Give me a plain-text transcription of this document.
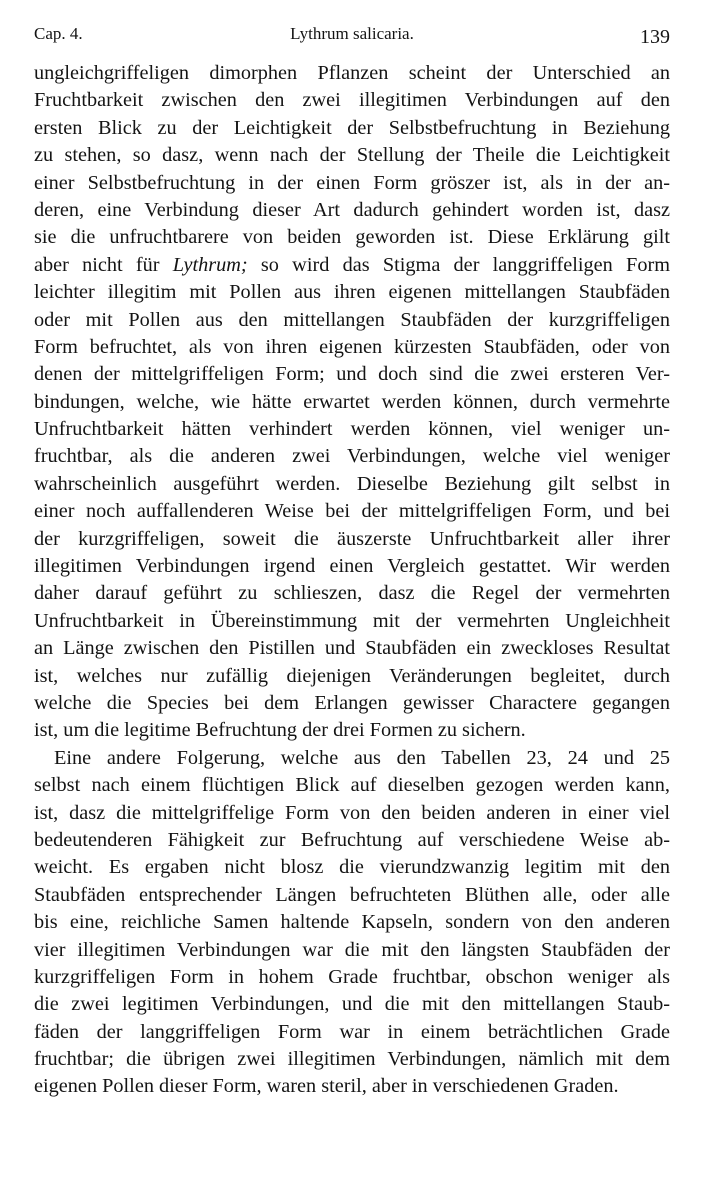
Cap. 4.	Lythrum salicaria.	139
ungleichgriffeligen dimorphen Pflanzen scheint der Unterschied an
Fruchtbarkeit zwischen den zwei illegitimen Verbindungen auf den
ersten Blick zu der Leichtigkeit der Selbstbefruchtung in Beziehung
zu stehen, so dasz, wenn nach der Stellung der Theile die Leichtigkeit
einer Selbstbefruchtung in der einen Form gröszer ist, als in der an-
deren, eine Verbindung dieser Art dadurch gehindert worden ist, dasz
sie die unfruchtbarere von beiden geworden ist. Diese Erklärung gilt
aber nicht für Lythrum; so wird das Stigma der langgriffeligen Form
leichter illegitim mit Pollen aus ihren eigenen mittellangen Staubfäden
oder mit Pollen aus den mittellangen Staubfäden der kurzgriffeligen
Form befruchtet, als von ihren eigenen kürzesten Staubfäden, oder von
denen der mittelgriffeligen Form; und doch sind die zwei ersteren Ver-
bindungen, welche, wie hätte erwartet werden können, durch vermehrte
Unfruchtbarkeit hätten verhindert werden können, viel weniger un-
fruchtbar, als die anderen zwei Verbindungen, welche viel weniger
wahrscheinlich ausgeführt werden. Dieselbe Beziehung gilt selbst in
einer noch auffallenderen Weise bei der mittelgriffeligen Form, und bei
der kurzgriffeligen, soweit die äuszerste Unfruchtbarkeit aller ihrer
illegitimen Verbindungen irgend einen Vergleich gestattet. Wir werden
daher darauf geführt zu schlieszen, dasz die Regel der vermehrten
Unfruchtbarkeit in Übereinstimmung mit der vermehrten Ungleichheit
an Länge zwischen den Pistillen und Staubfäden ein zweckloses Resultat
ist, welches nur zufällig diejenigen Veränderungen begleitet, durch
welche die Species bei dem Erlangen gewisser Charactere gegangen
ist, um die legitime Befruchtung der drei Formen zu sichern.
Eine andere Folgerung, welche aus den Tabellen 23, 24 und 25
selbst nach einem flüchtigen Blick auf dieselben gezogen werden kann,
ist, dasz die mittelgriffelige Form von den beiden anderen in einer viel
bedeutenderen Fähigkeit zur Befruchtung auf verschiedene Weise ab-
weicht. Es ergaben nicht blosz die vierundzwanzig legitim mit den
Staubfäden entsprechender Längen befruchteten Blüthen alle, oder alle
bis eine, reichliche Samen haltende Kapseln, sondern von den anderen
vier illegitimen Verbindungen war die mit den längsten Staubfäden der
kurzgriffeligen Form in hohem Grade fruchtbar, obschon weniger als
die zwei legitimen Verbindungen, und die mit den mittellangen Staub-
fäden der langgriffeligen Form war in einem beträchtlichen Grade
fruchtbar; die übrigen zwei illegitimen Verbindungen, nämlich mit dem
eigenen Pollen dieser Form, waren steril, aber in verschiedenen Graden.
